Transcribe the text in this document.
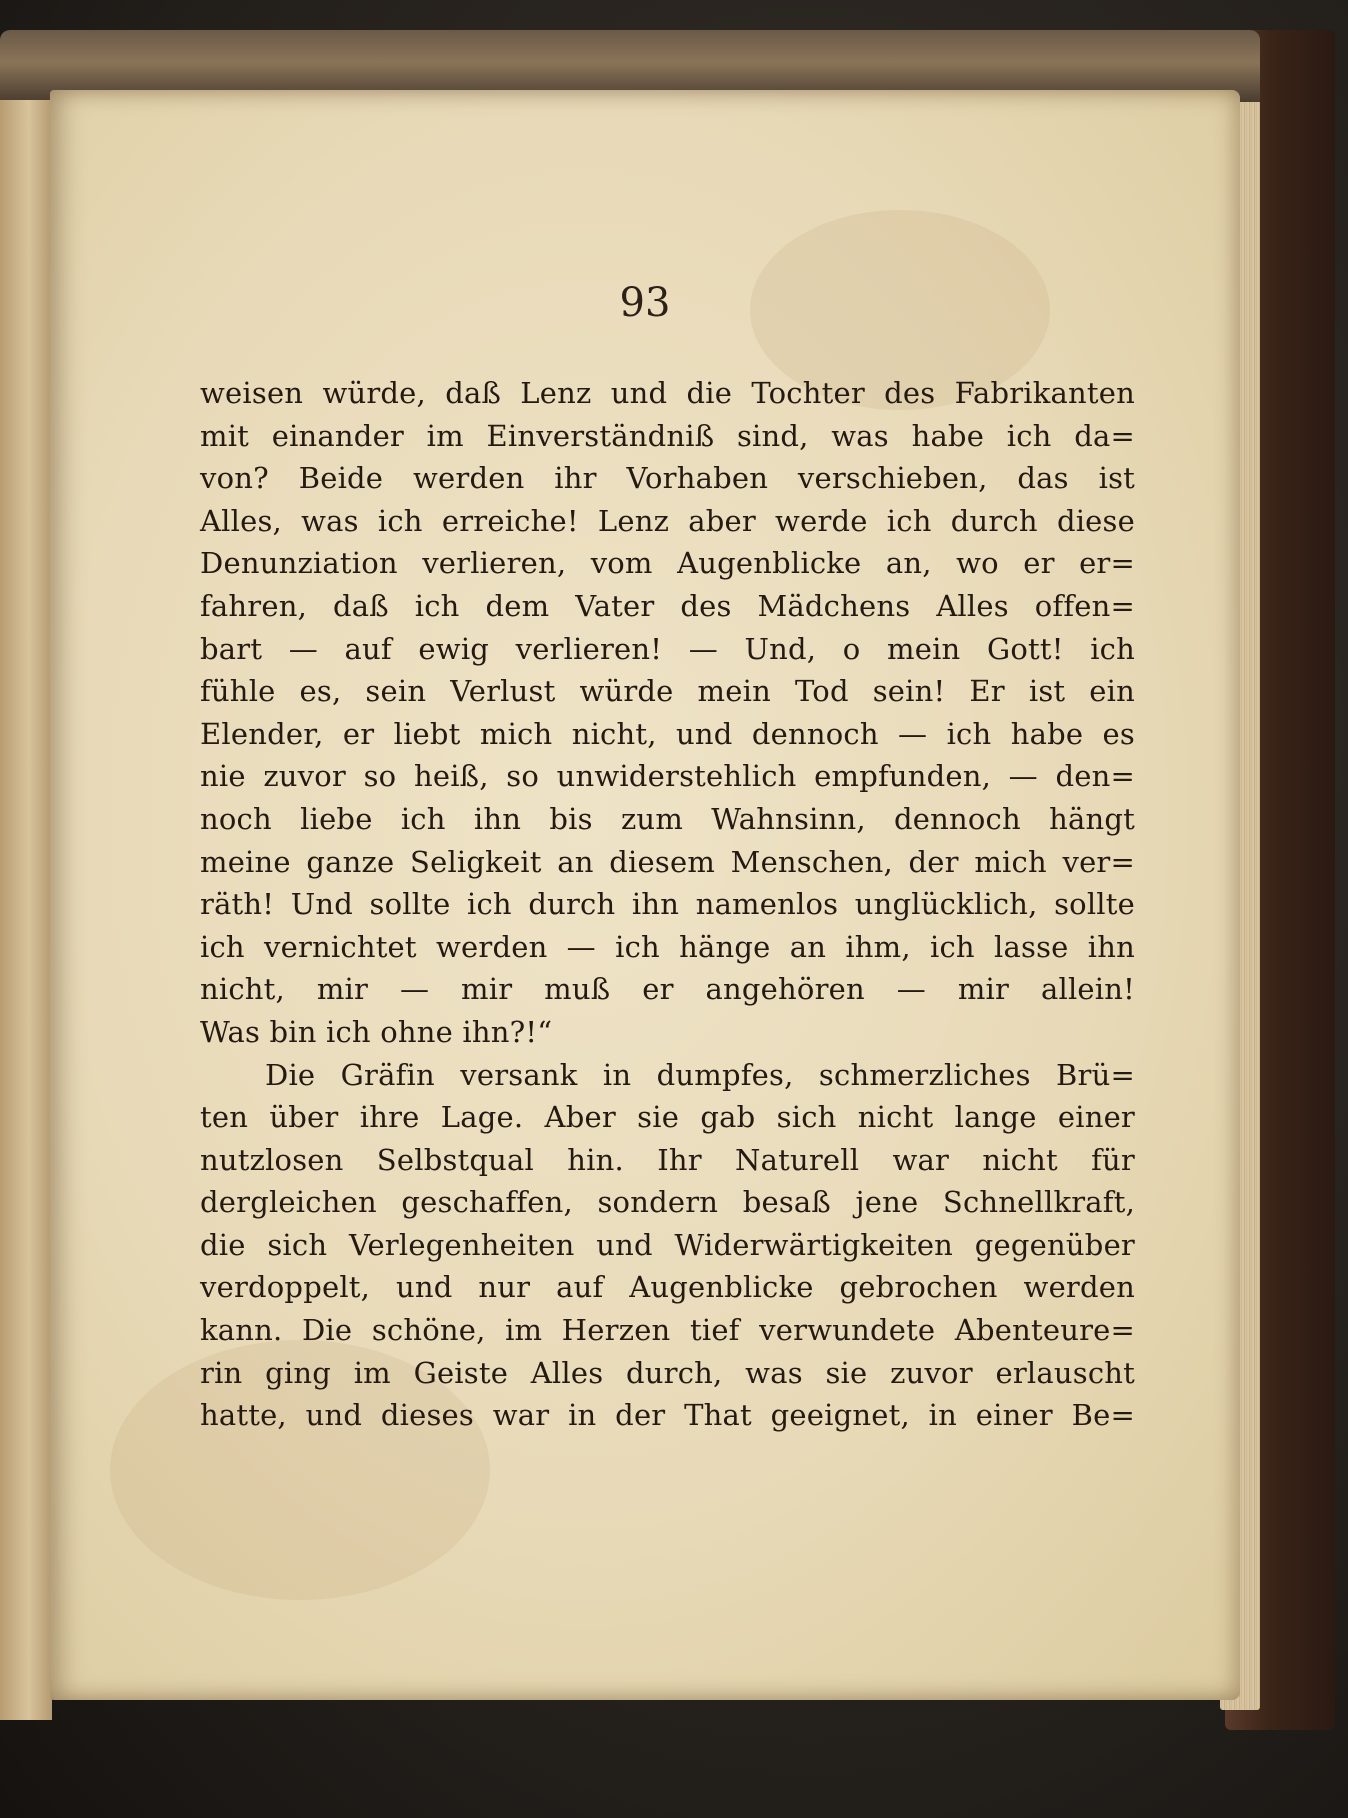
93
weisen würde, daß Lenz und die Tochter des Fabrikanten
mit einander im Einverständniß sind, was habe ich da=
von? Beide werden ihr Vorhaben verschieben, das ist
Alles, was ich erreiche! Lenz aber werde ich durch diese
Denunziation verlieren, vom Augenblicke an, wo er er=
fahren, daß ich dem Vater des Mädchens Alles offen=
bart — auf ewig verlieren! — Und, o mein Gott! ich
fühle es, sein Verlust würde mein Tod sein! Er ist ein
Elender, er liebt mich nicht, und dennoch — ich habe es
nie zuvor so heiß, so unwiderstehlich empfunden, — den=
noch liebe ich ihn bis zum Wahnsinn, dennoch hängt
meine ganze Seligkeit an diesem Menschen, der mich ver=
räth! Und sollte ich durch ihn namenlos unglücklich, sollte
ich vernichtet werden — ich hänge an ihm, ich lasse ihn
nicht, mir — mir muß er angehören — mir allein!
Was bin ich ohne ihn?!“
Die Gräfin versank in dumpfes, schmerzliches Brü=
ten über ihre Lage. Aber sie gab sich nicht lange einer
nutzlosen Selbstqual hin. Ihr Naturell war nicht für
dergleichen geschaffen, sondern besaß jene Schnellkraft,
die sich Verlegenheiten und Widerwärtigkeiten gegenüber
verdoppelt, und nur auf Augenblicke gebrochen werden
kann. Die schöne, im Herzen tief verwundete Abenteure=
rin ging im Geiste Alles durch, was sie zuvor erlauscht
hatte, und dieses war in der That geeignet, in einer Be=
